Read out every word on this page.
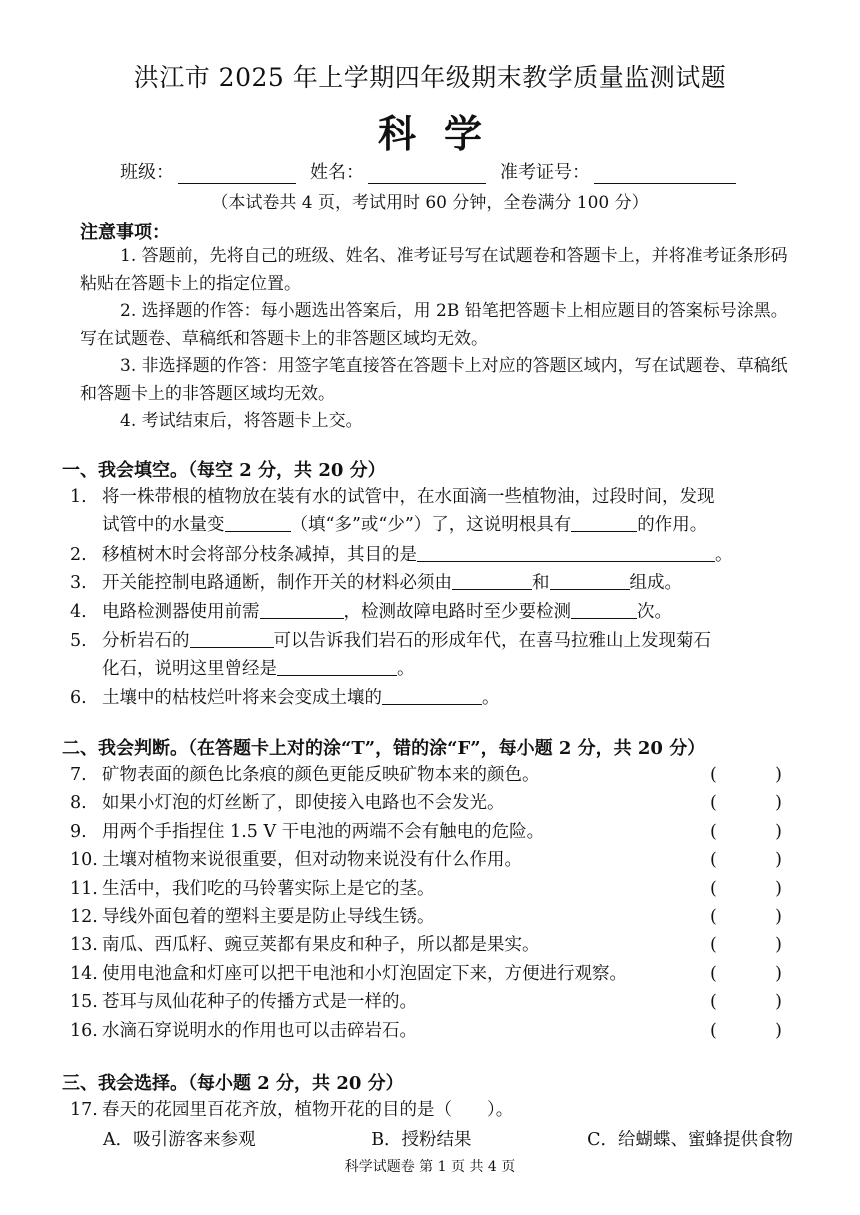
洪江市 2025 年上学期四年级期末教学质量监测试题
科学
班级：	姓名：	准考证号：
（本试卷共 4 页，考试用时 60 分钟，全卷满分 100 分）
注意事项：

1. 答题前，先将自己的班级、姓名、准考证号写在试题卷和答题卡上，并将准考证条形码粘贴在答题卡上的指定位置。

2. 选择题的作答：每小题选出答案后，用 2B 铅笔把答题卡上相应题目的答案标号涂黑。写在试题卷、草稿纸和答题卡上的非答题区域均无效。

3. 非选择题的作答：用签字笔直接答在答题卡上对应的答题区域内，写在试题卷、草稿纸和答题卡上的非答题区域均无效。

4. 考试结束后，将答题卡上交。

一、我会填空。（每空 2 分，共 20 分）
1. 将一株带根的植物放在装有水的试管中，在水面滴一些植物油，过段时间，发现
试管中的水量变	（填“多”或“少”）了，这说明根具有	的作用。
2. 移植树木时会将部分枝条减掉，其目的是	。
3. 开关能控制电路通断，制作开关的材料必须由	和	组成。
4. 电路检测器使用前需	，检测故障电路时至少要检测	次。
5. 分析岩石的	可以告诉我们岩石的形成年代，在喜马拉雅山上发现菊石
化石，说明这里曾经是	。
6. 土壤中的枯枝烂叶将来会变成土壤的	。
二、我会判断。（在答题卡上对的涂“T”，错的涂“F”，每小题 2 分，共 20 分）
7. 矿物表面的颜色比条痕的颜色更能反映矿物本来的颜色。	(	)
8. 如果小灯泡的灯丝断了，即使接入电路也不会发光。	(	)
9. 用两个手指捏住 1.5 V 干电池的两端不会有触电的危险。	(	)
10. 土壤对植物来说很重要，但对动物来说没有什么作用。	(	)
11. 生活中，我们吃的马铃薯实际上是它的茎。	(	)
12. 导线外面包着的塑料主要是防止导线生锈。	(	)
13. 南瓜、西瓜籽、豌豆荚都有果皮和种子，所以都是果实。	(	)
14. 使用电池盒和灯座可以把干电池和小灯泡固定下来，方便进行观察。	(	)
15. 苍耳与凤仙花种子的传播方式是一样的。	(	)
16. 水滴石穿说明水的作用也可以击碎岩石。	(	)
三、我会选择。（每小题 2 分，共 20 分）
17. 春天的花园里百花齐放，植物开花的目的是（　　）。
A．吸引游客来参观	B．授粉结果	C．给蝴蝶、蜜蜂提供食物
科学试题卷 第 1 页 共 4 页
